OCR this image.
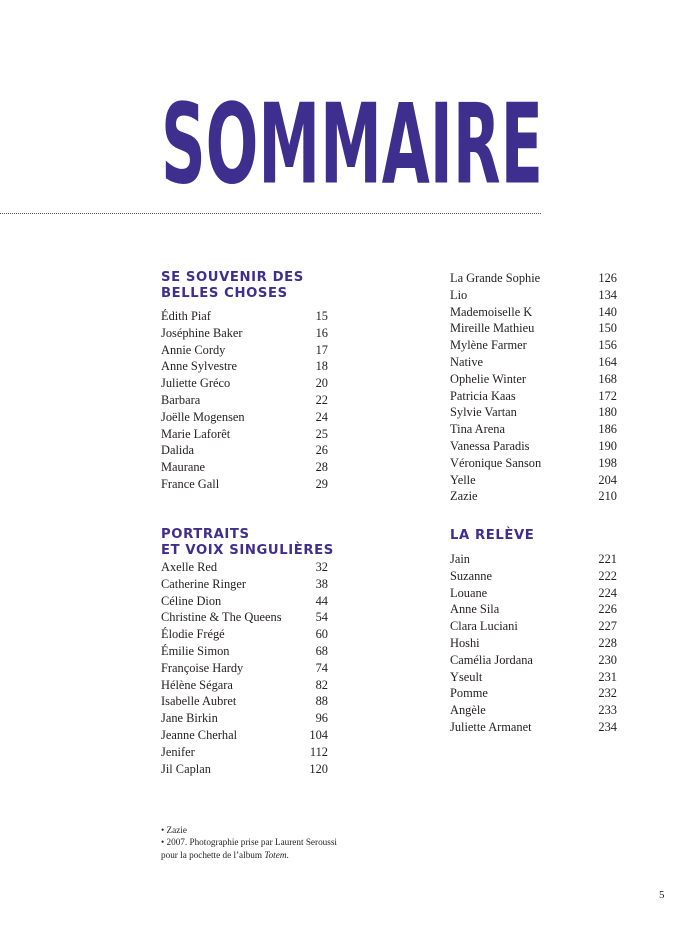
SOMMAIRE
SE SOUVENIR DES
BELLES CHOSES
Édith Piaf	15
Joséphine Baker	16
Annie Cordy	17
Anne Sylvestre	18
Juliette Gréco	20
Barbara	22
Joëlle Mogensen	24
Marie Laforêt	25
Dalida	26
Maurane	28
France Gall	29
PORTRAITS
ET VOIX SINGULIÈRES
Axelle Red	32
Catherine Ringer	38
Céline Dion	44
Christine & The Queens	54
Élodie Frégé	60
Émilie Simon	68
Françoise Hardy	74
Hélène Ségara	82
Isabelle Aubret	88
Jane Birkin	96
Jeanne Cherhal	104
Jenifer	112
Jil Caplan	120
La Grande Sophie	126
Lio	134
Mademoiselle K	140
Mireille Mathieu	150
Mylène Farmer	156
Native	164
Ophelie Winter	168
Patricia Kaas	172
Sylvie Vartan	180
Tina Arena	186
Vanessa Paradis	190
Véronique Sanson	198
Yelle	204
Zazie	210
LA RELÈVE
Jain	221
Suzanne	222
Louane	224
Anne Sila	226
Clara Luciani	227
Hoshi	228
Camélia Jordana	230
Yseult	231
Pomme	232
Angèle	233
Juliette Armanet	234

• Zazie

• 2007. Photographie prise par Laurent Seroussi

pour la pochette de l’album Totem.

5
